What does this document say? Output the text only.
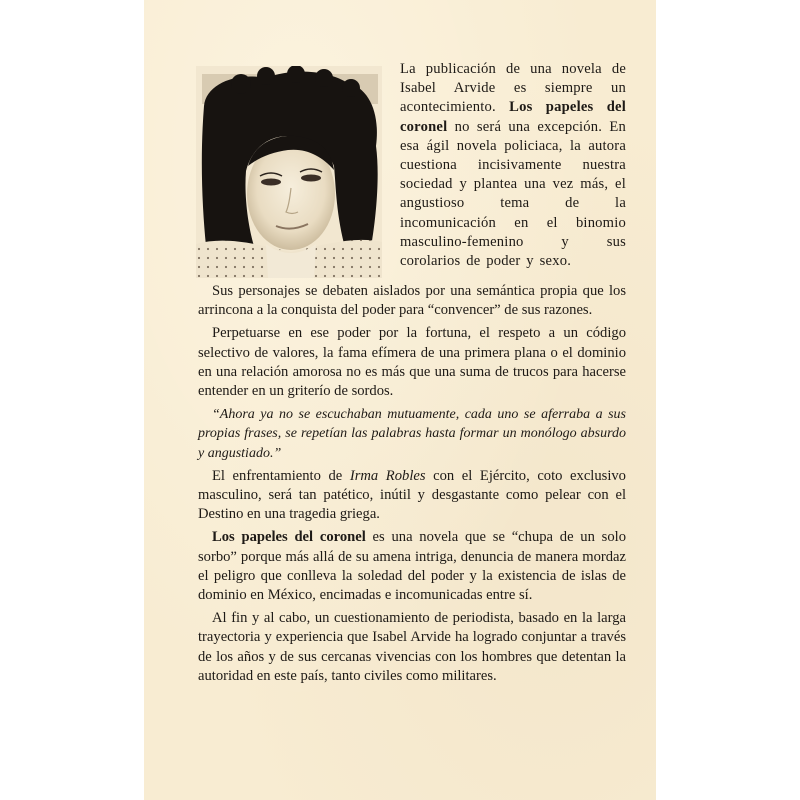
La publicación de una novela de Isabel Arvide es siempre un acontecimiento. Los papeles del coronel no será una excepción. En esa ágil novela policiaca, la autora cuestiona incisivamente nuestra sociedad y plantea una vez más, el angustioso tema de la incomunicación en el binomio masculino-femenino y sus corolarios de poder y sexo.

Sus personajes se debaten aislados por una semántica propia que los arrincona a la conquista del poder para “convencer” de sus razones.

Perpetuarse en ese poder por la fortuna, el respeto a un código selectivo de valores, la fama efímera de una primera plana o el dominio en una relación amorosa no es más que una suma de trucos para hacerse entender en un griterío de sordos.

“Ahora ya no se escuchaban mutuamente, cada uno se aferraba a sus propias frases, se repetían las palabras hasta formar un monólogo absurdo y angustiado.”

El enfrentamiento de Irma Robles con el Ejército, coto exclusivo masculino, será tan patético, inútil y desgastante como pelear con el Destino en una tragedia griega.

Los papeles del coronel es una novela que se “chupa de un solo sorbo” porque más allá de su amena intriga, denuncia de manera mordaz el peligro que conlleva la soledad del poder y la existencia de islas de dominio en México, encimadas e incomunicadas entre sí.

Al fin y al cabo, un cuestionamiento de periodista, basado en la larga trayectoria y experiencia que Isabel Arvide ha logrado conjuntar a través de los años y de sus cercanas vivencias con los hombres que detentan la autoridad en este país, tanto civiles como militares.
